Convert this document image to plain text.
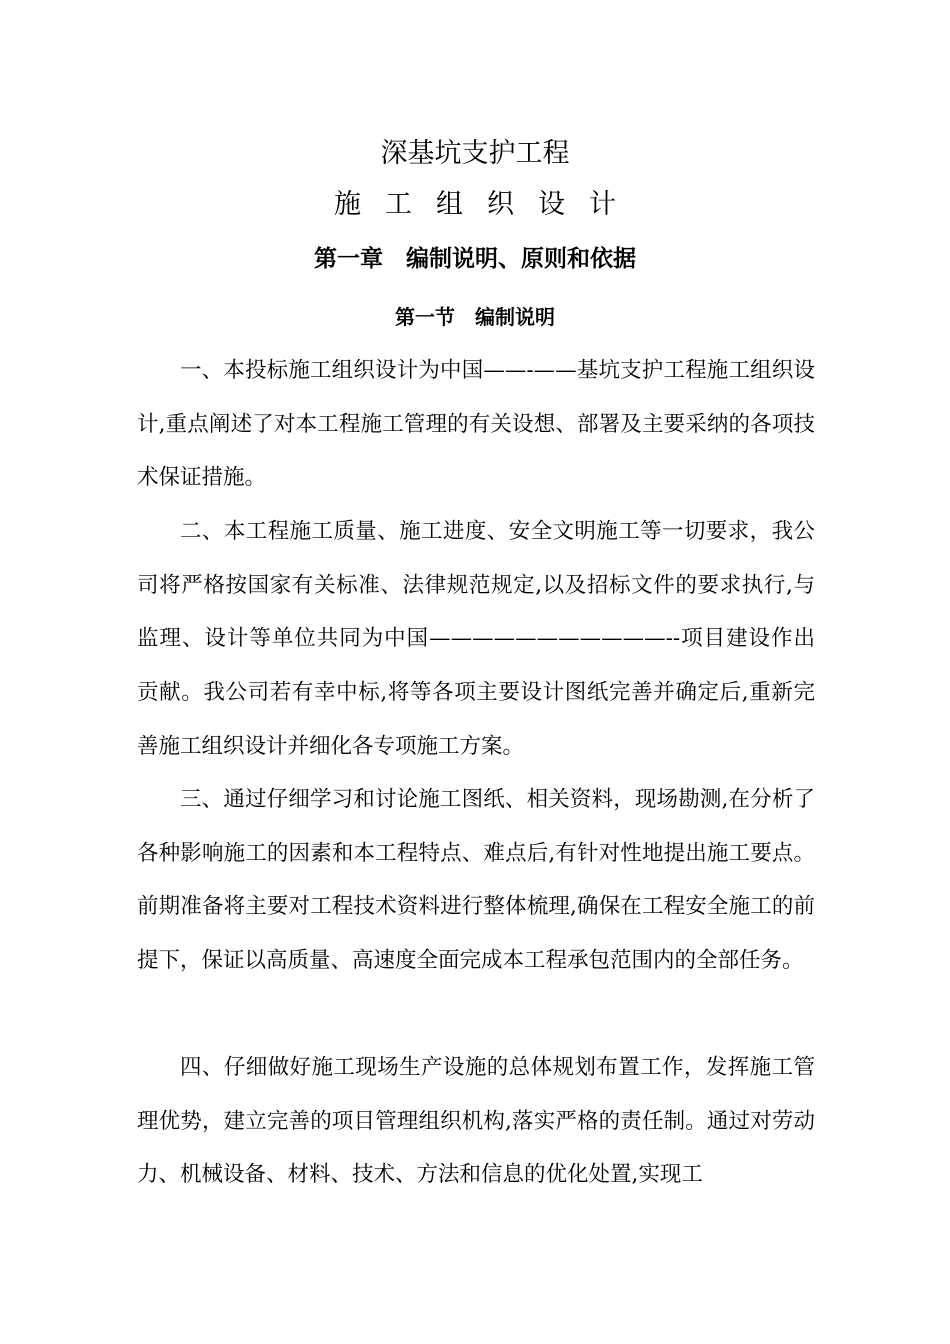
深基坑支护工程
施 工 组 织 设 计
第一章　编制说明、原则和依据
第一节　编制说明

一、本投标施工组织设计为中国——-——基坑支护工程施工组织设计,重点阐述了对本工程施工管理的有关设想、部署及主要采纳的各项技术保证措施。

二、本工程施工质量、施工进度、安全文明施工等一切要求，我公司将严格按国家有关标准、法律规范规定,以及招标文件的要求执行,与监理、设计等单位共同为中国———————————--项目建设作出贡献。我公司若有幸中标,将等各项主要设计图纸完善并确定后,重新完善施工组织设计并细化各专项施工方案。

三、通过仔细学习和讨论施工图纸、相关资料，现场勘测,在分析了各种影响施工的因素和本工程特点、难点后,有针对性地提出施工要点。前期准备将主要对工程技术资料进行整体梳理,确保在工程安全施工的前提下，保证以高质量、高速度全面完成本工程承包范围内的全部任务。

四、仔细做好施工现场生产设施的总体规划布置工作，发挥施工管理优势，建立完善的项目管理组织机构,落实严格的责任制。通过对劳动力、机械设备、材料、技术、方法和信息的优化处置,实现工
